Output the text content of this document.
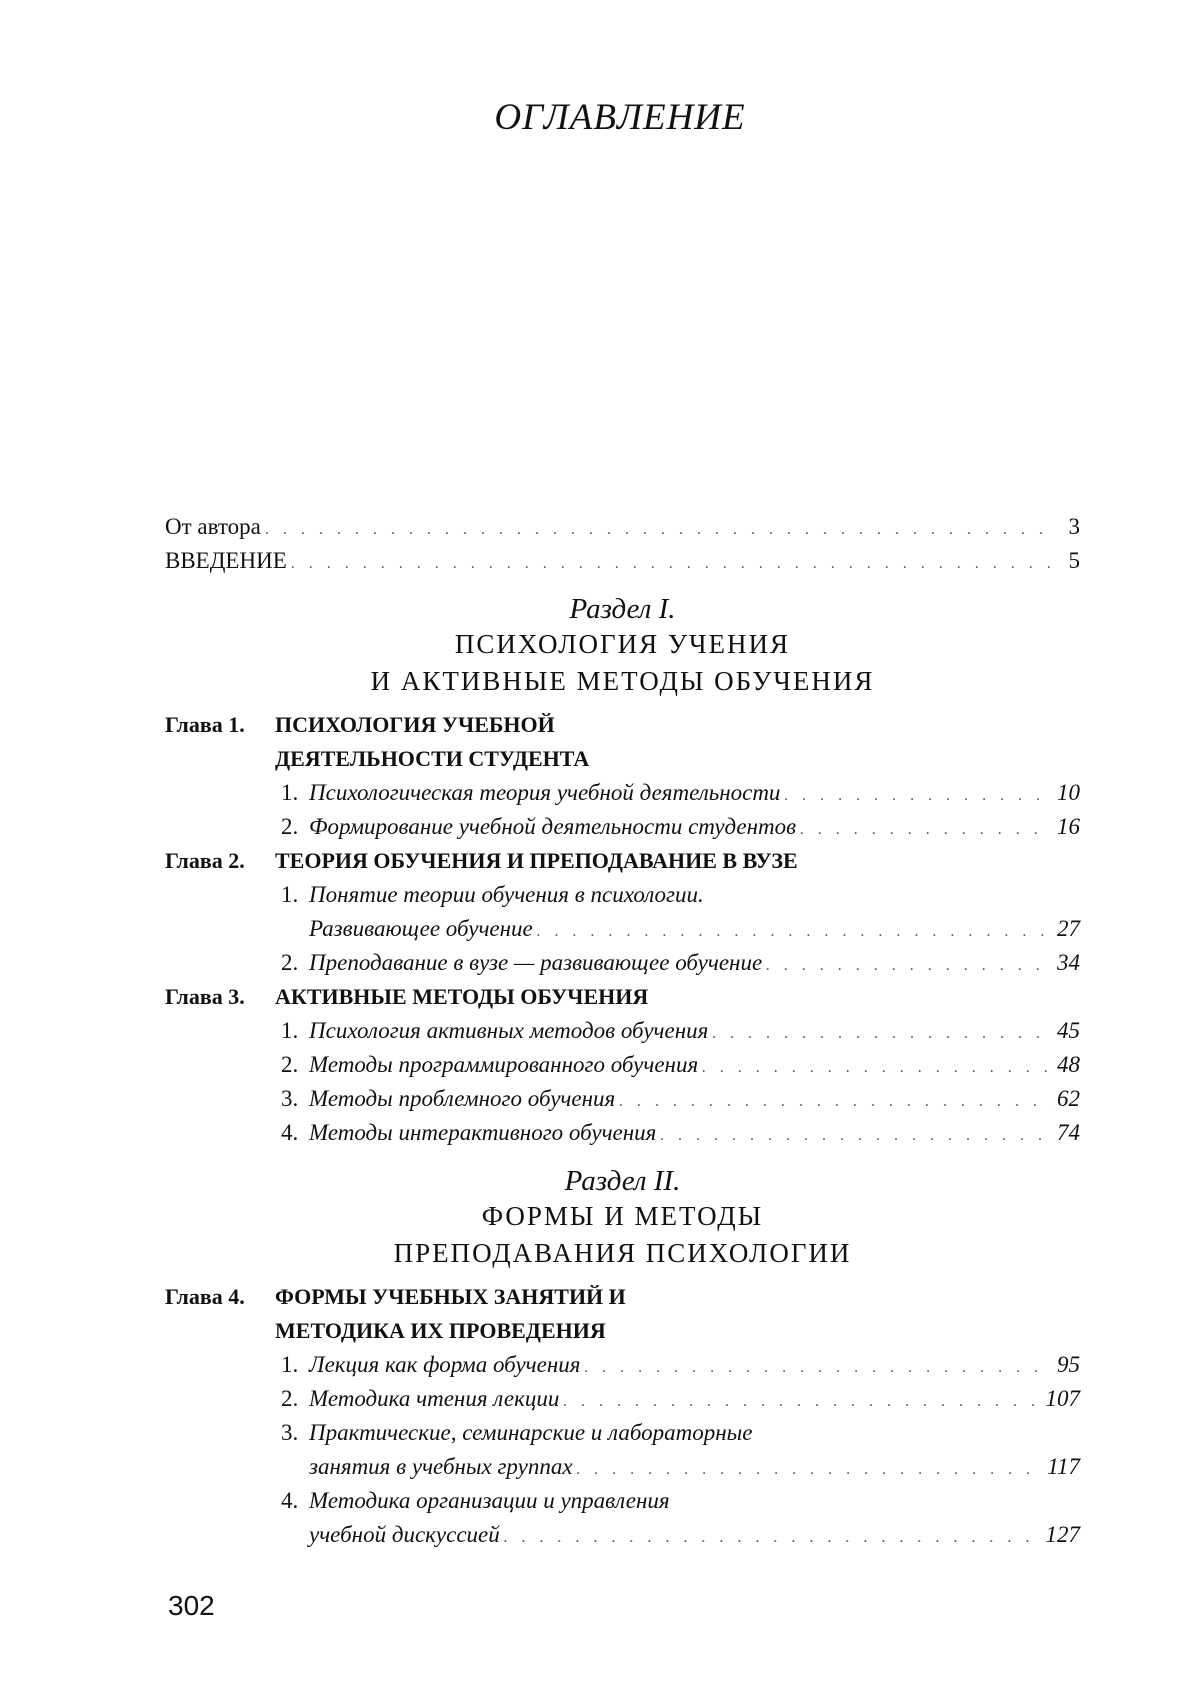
ОГЛАВЛЕНИЕ
От автора . . .	3
ВВЕДЕНИЕ . . .	5
Раздел I.
ПСИХОЛОГИЯ УЧЕНИЯ
И АКТИВНЫЕ МЕТОДЫ ОБУЧЕНИЯ
Глава 1.	ПСИХОЛОГИЯ УЧЕБНОЙ ДЕЯТЕЛЬНОСТИ СТУДЕНТА
1. Психологическая теория учебной деятельности . . .	10
2. Формирование учебной деятельности студентов . . .	16
Глава 2.	ТЕОРИЯ ОБУЧЕНИЯ И ПРЕПОДАВАНИЕ В ВУЗЕ
1. Понятие теории обучения в психологии.
Развивающее обучение . . .	27
2. Преподавание в вузе — развивающее обучение . . .	34
Глава 3.	АКТИВНЫЕ МЕТОДЫ ОБУЧЕНИЯ
1. Психология активных методов обучения . . .	45
2. Методы программированного обучения . . .	48
3. Методы проблемного обучения . . .	62
4. Методы интерактивного обучения . . .	74
Раздел II.
ФОРМЫ И МЕТОДЫ
ПРЕПОДАВАНИЯ ПСИХОЛОГИИ
Глава 4.	ФОРМЫ УЧЕБНЫХ ЗАНЯТИЙ И МЕТОДИКА ИХ ПРОВЕДЕНИЯ
1. Лекция как форма обучения . . .	95
2. Методика чтения лекции . . .	107
3. Практические, семинарские и лабораторные
занятия в учебных группах . . .	117
4. Методика организации и управления
учебной дискуссией . . .	127
302
